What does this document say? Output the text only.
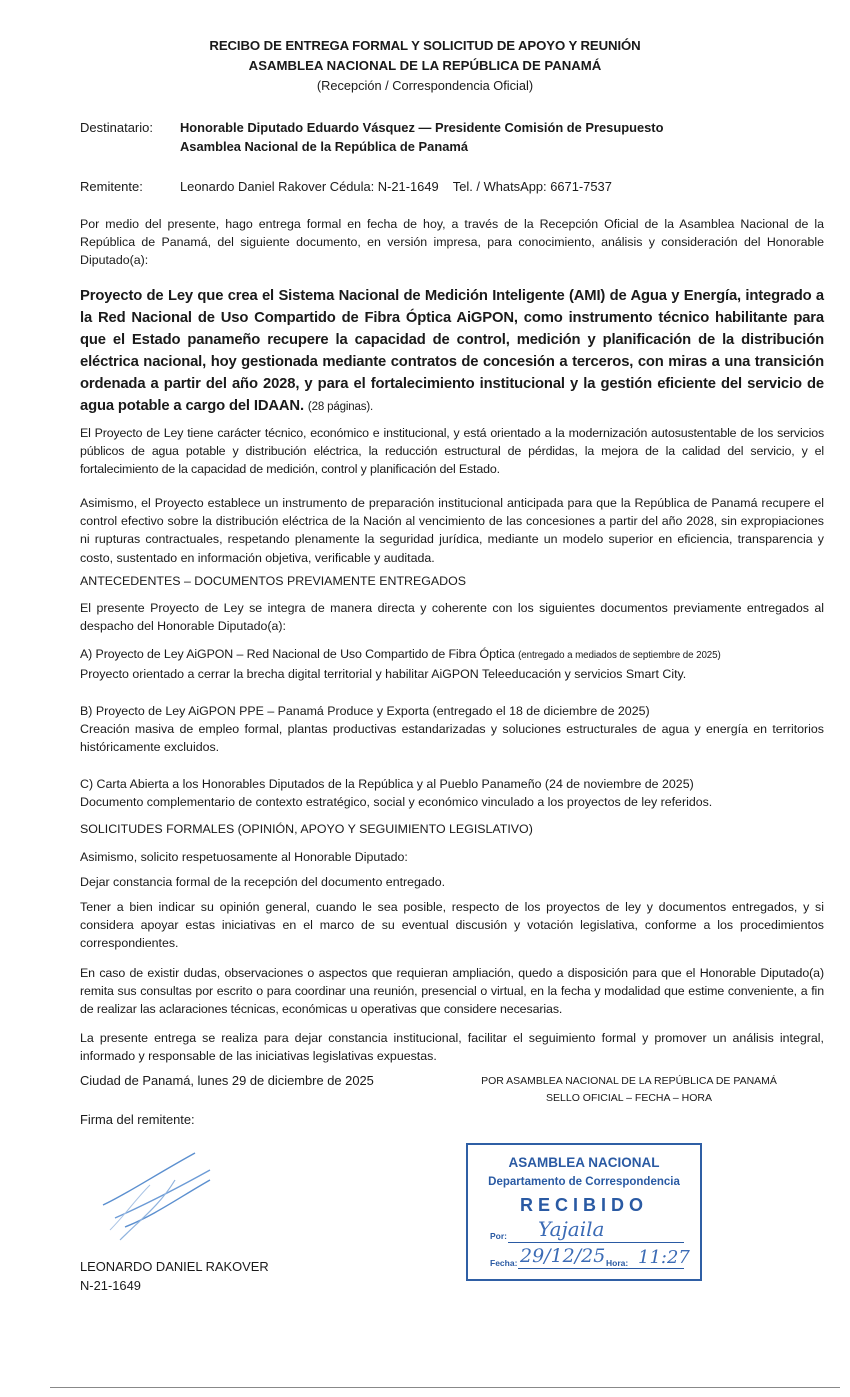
RECIBO DE ENTREGA FORMAL Y SOLICITUD DE APOYO Y REUNIÓN
ASAMBLEA NACIONAL DE LA REPÚBLICA DE PANAMÁ
(Recepción / Correspondencia Oficial)
Destinatario: Honorable Diputado Eduardo Vásquez — Presidente Comisión de Presupuesto
Asamblea Nacional de la República de Panamá
Remitente:	Leonardo Daniel Rakover Cédula: N-21-1649    Tel. / WhatsApp: 6671-7537
Por medio del presente, hago entrega formal en fecha de hoy, a través de la Recepción Oficial de la Asamblea Nacional de la República de Panamá, del siguiente documento, en versión impresa, para conocimiento, análisis y consideración del Honorable Diputado(a):
Proyecto de Ley que crea el Sistema Nacional de Medición Inteligente (AMI) de Agua y Energía, integrado a la Red Nacional de Uso Compartido de Fibra Óptica AiGPON, como instrumento técnico habilitante para que el Estado panameño recupere la capacidad de control, medición y planificación de la distribución eléctrica nacional, hoy gestionada mediante contratos de concesión a terceros, con miras a una transición ordenada a partir del año 2028, y para el fortalecimiento institucional y la gestión eficiente del servicio de agua potable a cargo del IDAAN. (28 páginas).
El Proyecto de Ley tiene carácter técnico, económico e institucional, y está orientado a la modernización autosustentable de los servicios públicos de agua potable y distribución eléctrica, la reducción estructural de pérdidas, la mejora de la calidad del servicio, y el fortalecimiento de la capacidad de medición, control y planificación del Estado.
Asimismo, el Proyecto establece un instrumento de preparación institucional anticipada para que la República de Panamá recupere el control efectivo sobre la distribución eléctrica de la Nación al vencimiento de las concesiones a partir del año 2028, sin expropiaciones ni rupturas contractuales, respetando plenamente la seguridad jurídica, mediante un modelo superior en eficiencia, transparencia y costo, sustentado en información objetiva, verificable y auditada.
ANTECEDENTES – DOCUMENTOS PREVIAMENTE ENTREGADOS
El presente Proyecto de Ley se integra de manera directa y coherente con los siguientes documentos previamente entregados al despacho del Honorable Diputado(a):
A) Proyecto de Ley AiGPON – Red Nacional de Uso Compartido de Fibra Óptica (entregado a mediados de septiembre de 2025)
Proyecto orientado a cerrar la brecha digital territorial y habilitar AiGPON Teleeducación y servicios Smart City.
B) Proyecto de Ley AiGPON PPE – Panamá Produce y Exporta (entregado el 18 de diciembre de 2025)
Creación masiva de empleo formal, plantas productivas estandarizadas y soluciones estructurales de agua y energía en territorios históricamente excluidos.
C) Carta Abierta a los Honorables Diputados de la República y al Pueblo Panameño (24 de noviembre de 2025)
Documento complementario de contexto estratégico, social y económico vinculado a los proyectos de ley referidos.
SOLICITUDES FORMALES (OPINIÓN, APOYO Y SEGUIMIENTO LEGISLATIVO)
Asimismo, solicito respetuosamente al Honorable Diputado:
Dejar constancia formal de la recepción del documento entregado.
Tener a bien indicar su opinión general, cuando le sea posible, respecto de los proyectos de ley y documentos entregados, y si considera apoyar estas iniciativas en el marco de su eventual discusión y votación legislativa, conforme a los procedimientos correspondientes.
En caso de existir dudas, observaciones o aspectos que requieran ampliación, quedo a disposición para que el Honorable Diputado(a) remita sus consultas por escrito o para coordinar una reunión, presencial o virtual, en la fecha y modalidad que estime conveniente, a fin de realizar las aclaraciones técnicas, económicas u operativas que considere necesarias.
La presente entrega se realiza para dejar constancia institucional, facilitar el seguimiento formal y promover un análisis integral, informado y responsable de las iniciativas legislativas expuestas.
Ciudad de Panamá, lunes 29 de diciembre de 2025	POR ASAMBLEA NACIONAL DE LA REPÚBLICA DE PANAMÁ
SELLO OFICIAL – FECHA – HORA
Firma del remitente:
LEONARDO DANIEL RAKOVER
N-21-1649
ASAMBLEA NACIONAL
Departamento de Correspondencia
RECIBIDO
Por: Yajaila
Fecha: 29/12/25 Hora: 11:27
